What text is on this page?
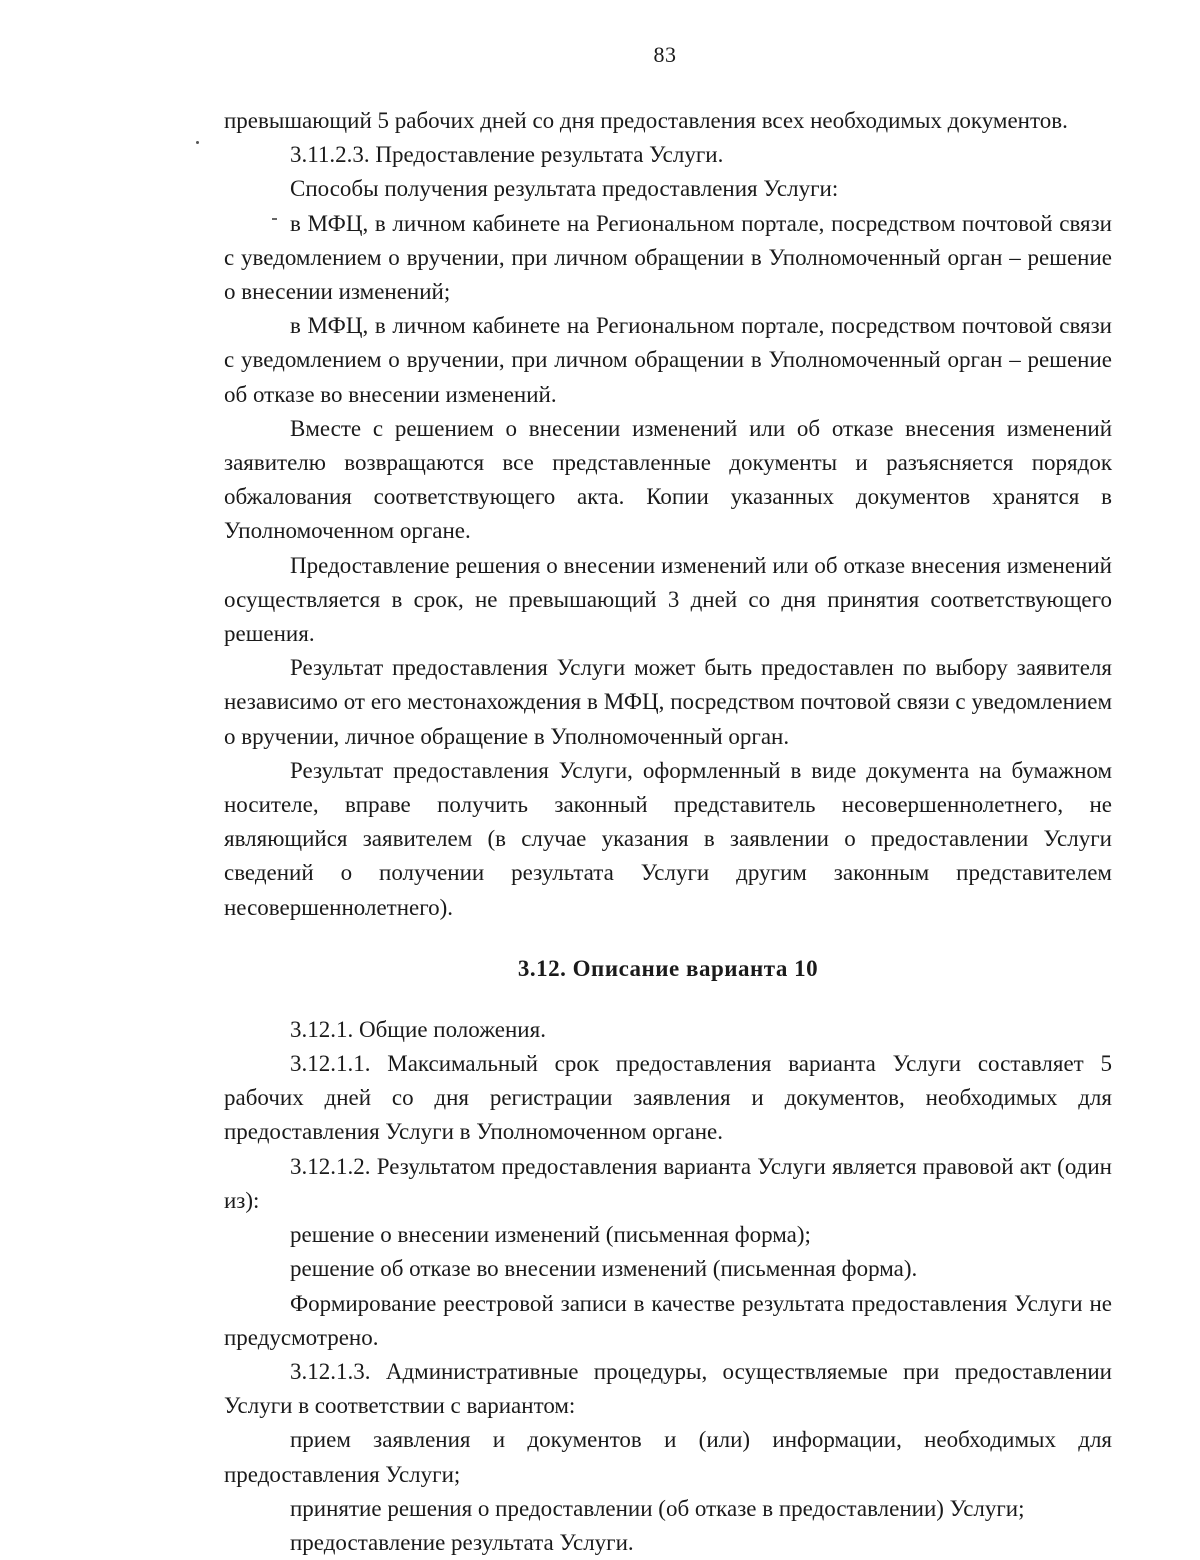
83

превышающий 5 рабочих дней со дня предоставления всех необходимых документов.

3.11.2.3. Предоставление результата Услуги.

Способы получения результата предоставления Услуги:

в МФЦ, в личном кабинете на Региональном портале, посредством почтовой связи с уведомлением о вручении, при личном обращении в Уполномоченный орган – решение о внесении изменений;

в МФЦ, в личном кабинете на Региональном портале, посредством почтовой связи с уведомлением о вручении, при личном обращении в Уполномоченный орган – решение об отказе во внесении изменений.

Вместе с решением о внесении изменений или об отказе внесения изменений заявителю возвращаются все представленные документы и разъясняется порядок обжалования соответствующего акта. Копии указанных документов хранятся в Уполномоченном органе.

Предоставление решения о внесении изменений или об отказе внесения изменений осуществляется в срок, не превышающий 3 дней со дня принятия соответствующего решения.

Результат предоставления Услуги может быть предоставлен по выбору заявителя независимо от его местонахождения в МФЦ, посредством почтовой связи с уведомлением о вручении, личное обращение в Уполномоченный орган.

Результат предоставления Услуги, оформленный в виде документа на бумажном носителе, вправе получить законный представитель несовершеннолетнего, не являющийся заявителем (в случае указания в заявлении о предоставлении Услуги сведений о получении результата Услуги другим законным представителем несовершеннолетнего).

3.12. Описание варианта 10

3.12.1. Общие положения.

3.12.1.1. Максимальный срок предоставления варианта Услуги составляет 5 рабочих дней со дня регистрации заявления и документов, необходимых для предоставления Услуги в Уполномоченном органе.

3.12.1.2. Результатом предоставления варианта Услуги является правовой акт (один из):

решение о внесении изменений (письменная форма);

решение об отказе во внесении изменений (письменная форма).

Формирование реестровой записи в качестве результата предоставления Услуги не предусмотрено.

3.12.1.3. Административные процедуры, осуществляемые при предоставлении Услуги в соответствии с вариантом:

прием заявления и документов и (или) информации, необходимых для предоставления Услуги;

принятие решения о предоставлении (об отказе в предоставлении) Услуги;

предоставление результата Услуги.
